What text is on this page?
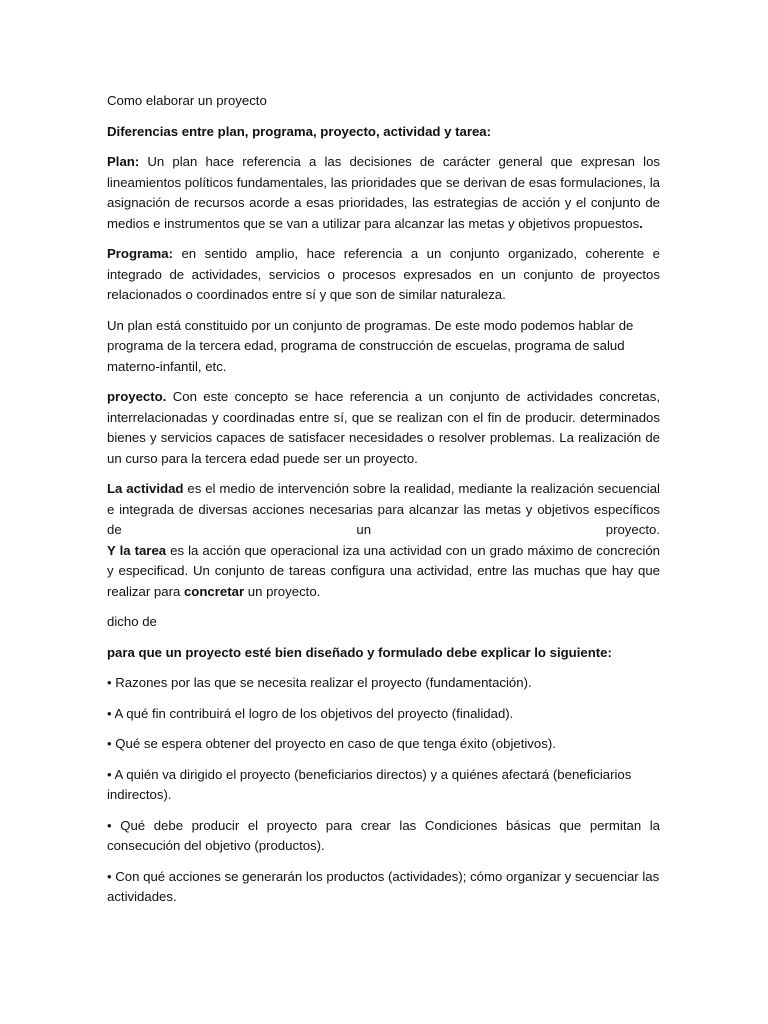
Como elaborar un proyecto

Diferencias entre plan, programa, proyecto, actividad y tarea:

Plan: Un plan hace referencia a las decisiones de carácter general que expresan los lineamientos políticos fundamentales, las prioridades que se derivan de esas formulaciones, la asignación de recursos acorde a esas prioridades, las estrategias de acción y el conjunto de medios e instrumentos que se van a utilizar para alcanzar las metas y objetivos propuestos.

Programa: en sentido amplio, hace referencia a un conjunto organizado, coherente e integrado de actividades, servicios o procesos expresados en un conjunto de proyectos relacionados o coordinados entre sí y que son de similar naturaleza.

Un plan está constituido por un conjunto de programas. De este modo podemos hablar de programa de la tercera edad, programa de construcción de escuelas, programa de salud materno-infantil, etc.

proyecto. Con este concepto se hace referencia a un conjunto de actividades concretas, interrelacionadas y coordinadas entre sí, que se realizan con el fin de producir. determinados bienes y servicios capaces de satisfacer necesidades o resolver problemas. La realización de un curso para la tercera edad puede ser un proyecto.

La actividad es el medio de intervención sobre la realidad, mediante la realización secuencial e integrada de diversas acciones necesarias para alcanzar las metas y objetivos específicos de un proyecto.

Y la tarea es la acción que operacional iza una actividad con un grado máximo de concreción y especificad. Un conjunto de tareas configura una actividad, entre las muchas que hay que realizar para concretar un proyecto.

dicho de

para que un proyecto esté bien diseñado y formulado debe explicar lo siguiente:

• Razones por las que se necesita realizar el proyecto (fundamentación).

• A qué fin contribuirá el logro de los objetivos del proyecto (finalidad).

• Qué se espera obtener del proyecto en caso de que tenga éxito (objetivos).

• A quién va dirigido el proyecto (beneficiarios directos) y a quiénes afectará (beneficiarios indirectos).

• Qué debe producir el proyecto para crear las Condiciones básicas que permitan la consecución del objetivo (productos).

• Con qué acciones se generarán los productos (actividades); cómo organizar y secuenciar las actividades.
